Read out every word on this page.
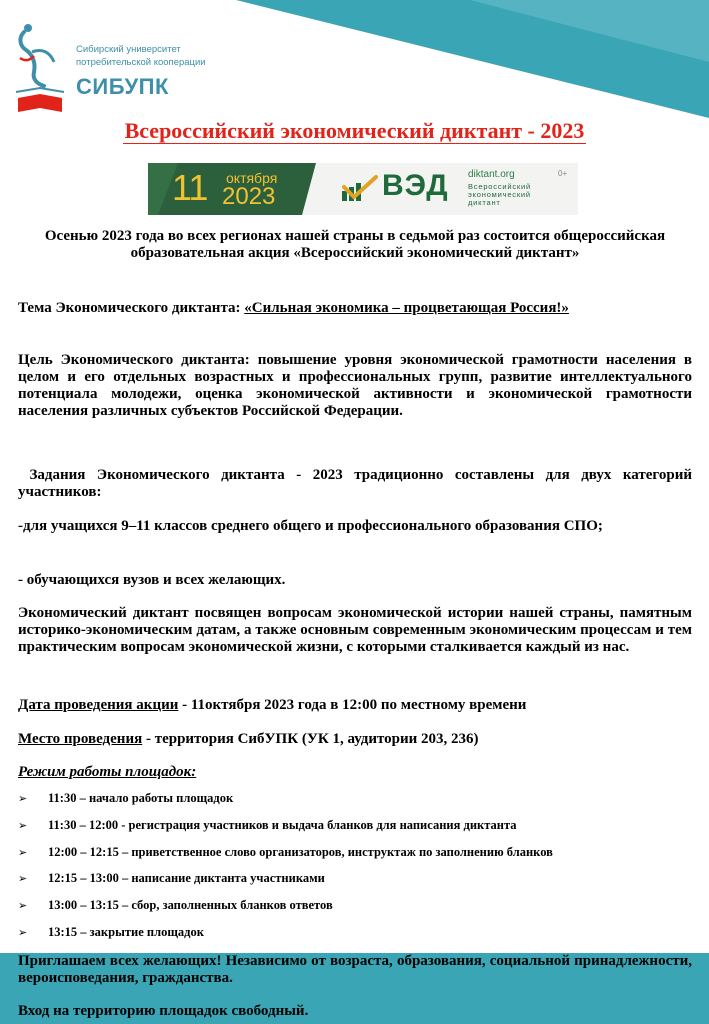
Сибирский университет
потребительской кооперации
СИБУПК
Всероссийский экономический диктант - 2023
11 октября
2023	ВЭД diktant.org	0+
Всероссийский экономический диктант
Осенью 2023 года во всех регионах нашей страны в седьмой раз состоится общероссийская образовательная акция «Всероссийский экономический диктант»
Тема Экономического диктанта: «Сильная экономика – процветающая Россия!»
Цель Экономического диктанта: повышение уровня экономической грамотности населения в целом и его отдельных возрастных и профессиональных групп, развитие интеллектуального потенциала молодежи, оценка экономической активности и экономической грамотности населения различных субъектов Российской Федерации.
Задания Экономического диктанта - 2023 традиционно составлены для двух категорий участников:
-для учащихся 9–11 классов среднего общего и профессионального образования СПО;
- обучающихся вузов и всех желающих.
Экономический диктант посвящен вопросам экономической истории нашей страны, памятным историко-экономическим датам, а также основным современным экономическим процессам и тем практическим вопросам экономической жизни, с которыми сталкивается каждый из нас.
Дата проведения акции - 11октября 2023 года в 12:00 по местному времени
Место проведения - территория СибУПК (УК 1, аудитории 203, 236)
Режим работы площадок:
➢ 11:30 – начало работы площадок
➢ 11:30 – 12:00 - регистрация участников и выдача бланков для написания диктанта
➢ 12:00 – 12:15 – приветственное слово организаторов, инструктаж по заполнению бланков
➢ 12:15 – 13:00 – написание диктанта участниками
➢ 13:00 – 13:15 – сбор, заполненных бланков ответов
➢ 13:15 – закрытие площадок
Приглашаем всех желающих! Независимо от возраста, образования, социальной принадлежности, вероисповедания, гражданства.
Вход на территорию площадок свободный.
